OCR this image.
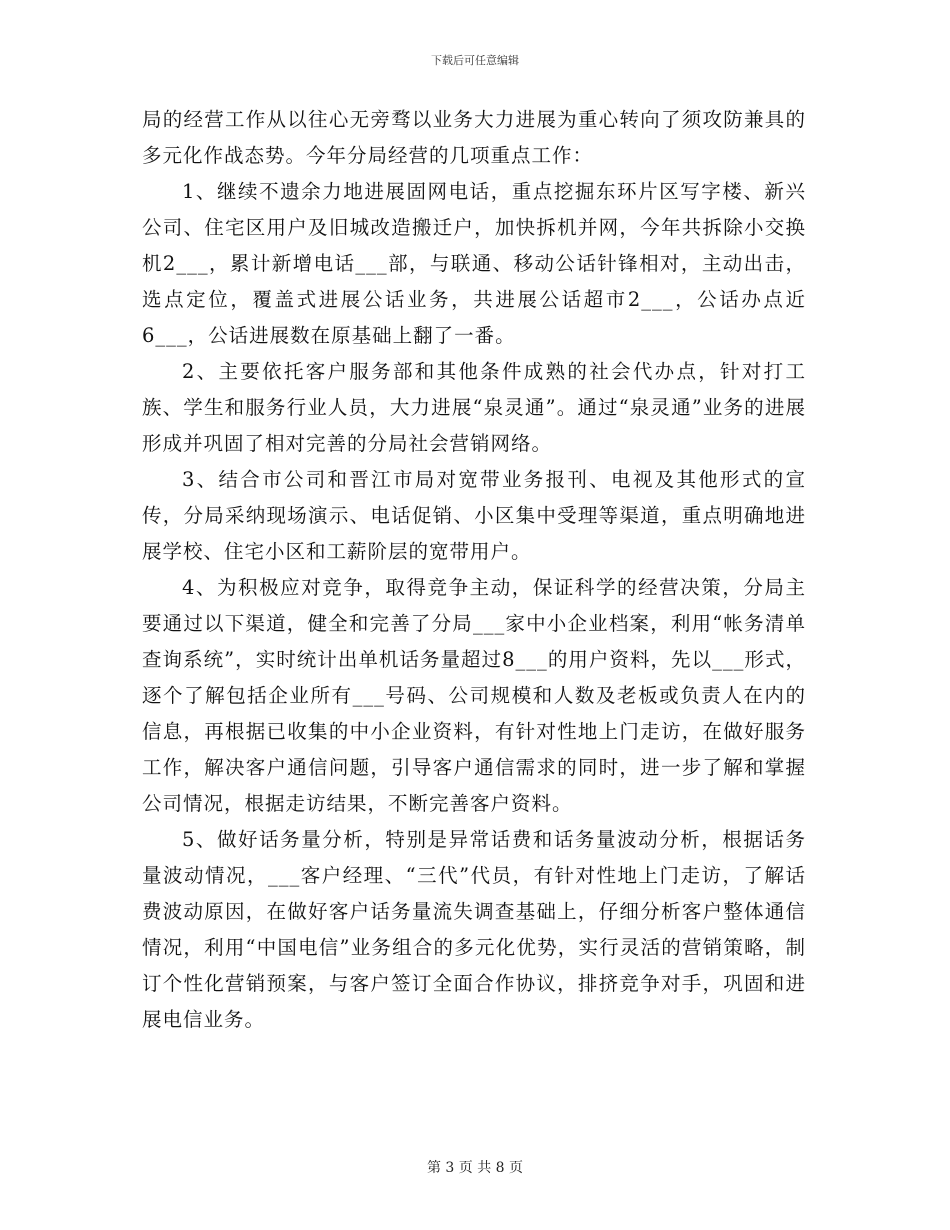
下载后可任意编辑

局的经营工作从以往心无旁骛以业务大力进展为重心转向了须攻防兼具的多元化作战态势。今年分局经营的几项重点工作：

1、继续不遗余力地进展固网电话，重点挖掘东环片区写字楼、新兴公司、住宅区用户及旧城改造搬迁户，加快拆机并网，今年共拆除小交换机2___，累计新增电话___部，与联通、移动公话针锋相对，主动出击，选点定位，覆盖式进展公话业务，共进展公话超市2___，公话办点近6___，公话进展数在原基础上翻了一番。

2、主要依托客户服务部和其他条件成熟的社会代办点，针对打工族、学生和服务行业人员，大力进展“泉灵通”。通过“泉灵通”业务的进展形成并巩固了相对完善的分局社会营销网络。

3、结合市公司和晋江市局对宽带业务报刊、电视及其他形式的宣传，分局采纳现场演示、电话促销、小区集中受理等渠道，重点明确地进展学校、住宅小区和工薪阶层的宽带用户。

4、为积极应对竞争，取得竞争主动，保证科学的经营决策，分局主要通过以下渠道，健全和完善了分局___家中小企业档案，利用“帐务清单查询系统”，实时统计出单机话务量超过8___的用户资料，先以___形式，逐个了解包括企业所有___号码、公司规模和人数及老板或负责人在内的信息，再根据已收集的中小企业资料，有针对性地上门走访，在做好服务工作，解决客户通信问题，引导客户通信需求的同时，进一步了解和掌握公司情况，根据走访结果，不断完善客户资料。

5、做好话务量分析，特别是异常话费和话务量波动分析，根据话务量波动情况，___客户经理、“三代”代员，有针对性地上门走访，了解话费波动原因，在做好客户话务量流失调查基础上，仔细分析客户整体通信情况，利用“中国电信”业务组合的多元化优势，实行灵活的营销策略，制订个性化营销预案，与客户签订全面合作协议，排挤竞争对手，巩固和进展电信业务。

第 3 页 共 8 页
